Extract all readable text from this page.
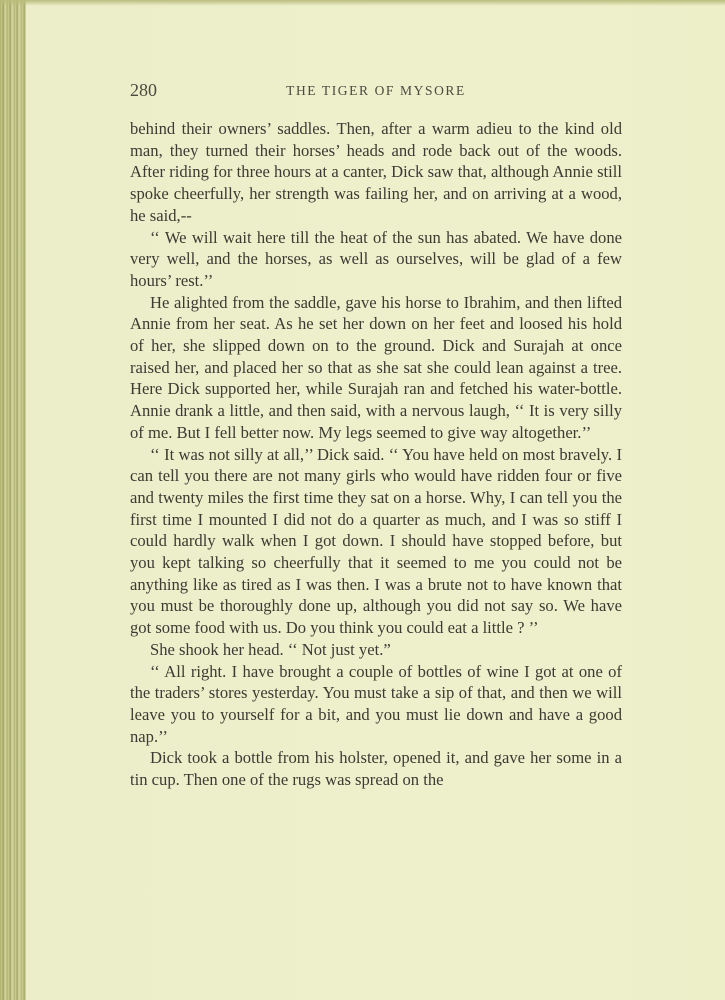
280	THE TIGER OF MYSORE

behind their owners’ saddles. Then, after a warm adieu to the kind old man, they turned their horses’ heads and rode back out of the woods. After riding for three hours at a canter, Dick saw that, although Annie still spoke cheerfully, her strength was failing her, and on arriving at a wood, he said,--

‘‘ We will wait here till the heat of the sun has abated. We have done very well, and the horses, as well as ourselves, will be glad of a few hours’ rest.’’

He alighted from the saddle, gave his horse to Ibrahim, and then lifted Annie from her seat. As he set her down on her feet and loosed his hold of her, she slipped down on to the ground. Dick and Surajah at once raised her, and placed her so that as she sat she could lean against a tree. Here Dick supported her, while Surajah ran and fetched his water-bottle. Annie drank a little, and then said, with a nervous laugh, ‘‘ It is very silly of me. But I fell better now. My legs seemed to give way altogether.’’

‘‘ It was not silly at all,’’ Dick said. ‘‘ You have held on most bravely. I can tell you there are not many girls who would have ridden four or five and twenty miles the first time they sat on a horse. Why, I can tell you the first time I mounted I did not do a quarter as much, and I was so stiff I could hardly walk when I got down. I should have stopped before, but you kept talking so cheerfully that it seemed to me you could not be anything like as tired as I was then. I was a brute not to have known that you must be thoroughly done up, although you did not say so. We have got some food with us. Do you think you could eat a little ? ’’

She shook her head. ‘‘ Not just yet.”

‘‘ All right. I have brought a couple of bottles of wine I got at one of the traders’ stores yesterday. You must take a sip of that, and then we will leave you to yourself for a bit, and you must lie down and have a good nap.’’

Dick took a bottle from his holster, opened it, and gave her some in a tin cup. Then one of the rugs was spread on the
